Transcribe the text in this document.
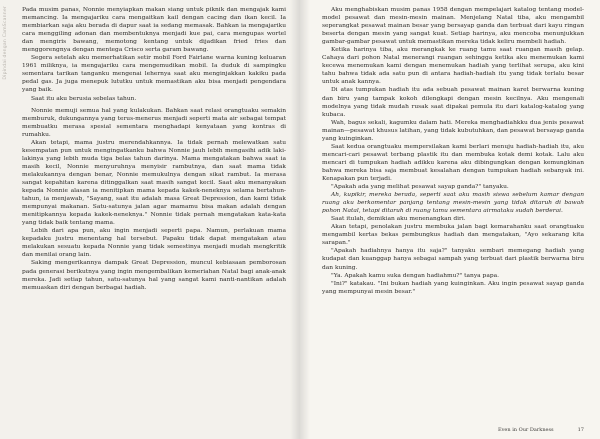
Dipindai dengan CamScanner Pada musim panas, Nonnie menyiapkan makan siang untuk piknik dan mengajak kami memancing. Ia mengajariku cara mengaitkan kail dengan cacing dan ikan kecil. Ia membiarkan saja aku berada di dapur saat ia sedang memasak. Bahkan ia mengajariku cara menggiling adonan dan membentuknya menjadi kue pai, cara mengupas wortel dan mengiris bawang, memotong kentang untuk dijadikan fried fries dan menggorengnya dengan mentega Crisco serta garam bawang.

Segera setelah aku memerhatikan setir mobil Ford Fairlane warna kuning keluaran 1961 miliknya, ia mengajariku cara mengemudikan mobil. Ia duduk di sampingku sementara tarikan tanganku mengenai lehernya saat aku menginjakkan kakiku pada pedal gas. Ja juga menepuk lututku untuk memastikan aku bisa menjadi pengendara yang baik.

Saat itu aku berusia sebelas tahun.

Nonnie memuji semua hal yang kulakukan. Bahkan saat relasi orangtuaku semakin memburuk, dukungannya yang terus-menerus menjadi seperti mata air sebagai tempat membuatku merasa spesial sementara menghadapi kenyataan yang kontras di rumahku.

Akan tetapi, mama justru merendahkannya. Ia tidak pernah melewatkan satu kesempatan pun untuk mengingatkanku bahwa Nonnie jauh lebih mengasihi adik laki-lakinya yang lebih muda tiga belas tahun darinya. Mama mengatakan bahwa saat ia masih kecil, Nonnie menyuruhnya menyisir rambutnya, dan saat mama tidak melakukannya dengan benar, Nonnie memukulnya dengan sikat rambut. Ia merasa sangat kepahitan karena ditinggalkan saat masih sangat kecil. Saat aku menanyakan kepada Nonnie alasan ia menitipkan mama kepada kakek-neneknya selama bertahun-tahun, ia menjawab, "Sayang, saat itu adalah masa Great Depression, dan kami tidak mempunyai makanan. Satu-satunya jalan agar mamamu bisa makan adalah dengan menitipkannya kepada kakek-neneknya." Nonnie tidak pernah mengatakan kata-kata yang tidak baik tentang mama.

Lebih dari apa pun, aku ingin menjadi seperti papa. Namun, perlakuan mama kepadaku justru menentang hal tersebut. Papaku tidak dapat mengatakan atau melakukan sesuatu kepada Nonnie yang tidak semestinya menjadi mudah mengkritik dan menilai orang lain.

Saking mengerikannya dampak Great Depression, muncul kebiasaan pemborosan pada generasi berikutnya yang ingin mengembalikan kemeriahan Natal bagi anak-anak mereka. Jadi setiap tahun, satu-satunya hal yang sangat kami nanti-nantikan adalah memuaskan diri dengan berbagai hadiah.

Aku menghabiskan musim panas 1958 dengan mempelajari katalog tentang model-model pesawat dan mesin-mesin mainan. Menjelang Natal tiba, aku mengambil seperangkat pesawat mainan besar yang bersayap ganda dan terbuat dari kayu ringan beserta dengan mesin yang sangat kuat. Setiap harinya, aku mencoba menunjukkan gambar-gambar pesawat untuk memastikan mereka tidak keliru membeli hadiah.

Ketika harinya tiba, aku merangkak ke ruang tamu saat ruangan masih gelap. Cahaya dari pohon Natal menerangi ruangan sehingga ketika aku menemukan kami kecewa menemukan kami dengan menemukan hadiah yang terlihat serupa, aku kini tahu bahwa tidak ada satu pun di antara hadiah-hadiah itu yang tidak terlalu besar untuk anak kannya.

Di atas tumpukan hadiah itu ada sebuah pesawat mainan karet berwarna kuning dan biru yang tampak kokoh dilengkapi dengan mesin kecilnya. Aku mengenali modelnya yang tidak mudah rusak saat dipakai pemula itu dari katalog-katalog yang kubaca.

Wah, bagus sekali, kagumku dalam hati. Mereka menghadiahkku dua jenis pesawat mainan—pesawat khusus latihan, yang tidak kubutuhkan, dan pesawat bersayap ganda yang kuinginkan.

Saat kedua orangtuaku mempersilakan kami berlari menuju hadiah-hadiah itu, aku mencari-cari pesawat terbang plastik itu dan membuka kotak demi kotak. Lalu aku mencari di tumpukan hadiah adikku karena aku dibingungkan dengan kemungkinan bahwa mereka bisa saja membuat kesalahan dengan tumpukan hadiah sebanyak ini. Kenapakan pun terjadi.

"Apakah ada yang melihat pesawat sayap ganda?" tanyaku.

Ah, kupikir, mereka berada, seperti saat aku masih siswa sebelum kamar dengan ruang aku berkomentar panjang tentang mesin-mesin yang tidak ditaruh di bawah pohon Natal, tetapi ditaruh di ruang tamu sementara airmataku sudah berderai.

Saat itulah, demikian aku menenangkan diri.

Akan tetapi, penolakan justru membuka jalan bagi kemarahanku saat orangtuaku mengambil kertas bekas pembungkus hadiah dan mengatakan, "Ayo sekarang kita sarapan."

"Apakah hadiahnya hanya itu saja?" tanyaku sembari memegang hadiah yang kudapat dan kuanggap hanya sebagai sampah yang terbuat dari plastik berwarna biru dan kuning.

"Ya. Apakah kamu suka dengan hadiahmu?" tanya papa.

"Ini?" katakau. "Ini bukan hadiah yang kuinginkan. Aku ingin pesawat sayap ganda yang mempunyai mesin besar."

Even in Our Darkness	17
